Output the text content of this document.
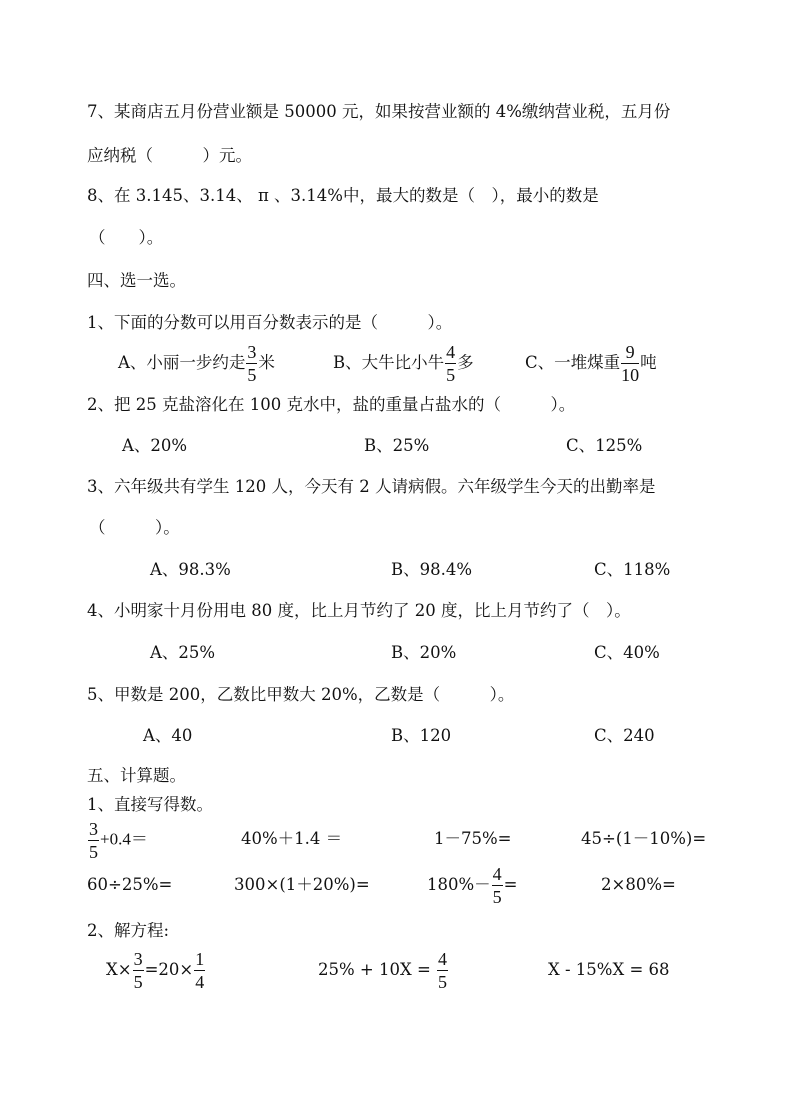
7、某商店五月份营业额是 50000 元，如果按营业额的 4%缴纳营业税，五月份
应纳税（　　　）元。
8、在 3.145、3.14、 π 、3.14%中，最大的数是（　），最小的数是
（　　）。
四、选一选。
1、下面的分数可以用百分数表示的是（　　　）。
A、小丽一步约走 $\frac{3}{5}$ 米	B、大牛比小牛 $\frac{4}{5}$ 多	C、一堆煤重 $\frac{9}{10}$ 吨
2、把 25 克盐溶化在 100 克水中，盐的重量占盐水的（　　　）。
A、20%	B、25%	C、125%
3、六年级共有学生 120 人，今天有 2 人请病假。六年级学生今天的出勤率是
（　　　）。
A、98.3%	B、98.4%	C、118%
4、小明家十月份用电 80 度，比上月节约了 20 度，比上月节约了（　）。
A、25%	B、20%	C、40%
5、甲数是 200，乙数比甲数大 20%，乙数是（　　　）。
A、40	B、120	C、240
五、计算题。
1、直接写得数。
$\frac{3}{5} +0.4=$	40%＋1.4 ＝	1－75%=	45÷(1－10%)=
60÷25%=	300×(1＋20%)=	$180\%- \frac{4}{5}$ =	2×80%=
2、解方程:
$X\times \frac{3}{5} =20\times \frac{1}{4}$	$25\% + 10X = \frac{4}{5}$	X - 15%X = 68
